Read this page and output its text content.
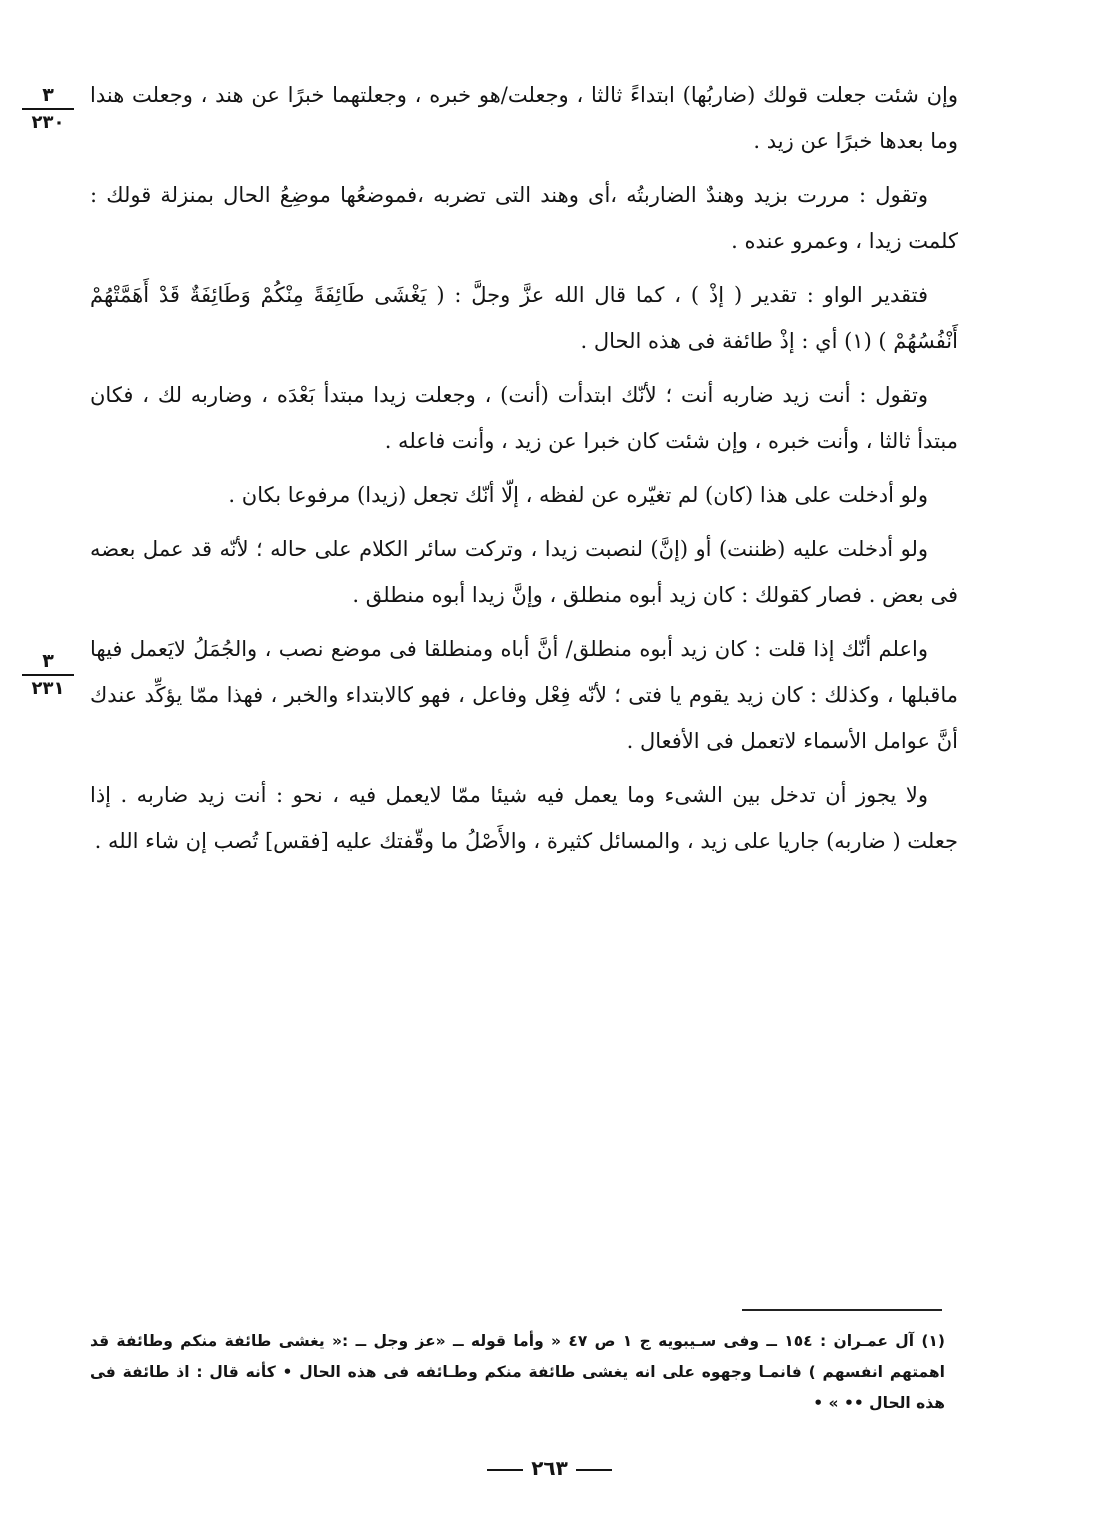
٣
٢٣٠
٣
٢٣١

وإن شئت جعلت قولك (ضاربُها) ابتداءً ثالثا ، وجعلت/هو خبره ، وجعلتهما خبرًا عن هند ، وجعلت هندا وما بعدها خبرًا عن زيد .

وتقول : مررت بزيد وهندٌ الضاربتُه ،أى وهند التى تضربه ،فموضعُها موضِعُ الحال بمنزلة قولك : كلمت زيدا ، وعمرو عنده .

فتقدير الواو : تقدير ( إذْ ) ، كما قال الله عزَّ وجلَّ : ( يَغْشَى طَائِفَةً مِنْكُمْ وَطَائِفَةٌ قَدْ أَهَمَّتْهُمْ أَنْفُسُهُمْ ) (١) أي : إذْ طائفة فى هذه الحال .

وتقول : أنت زيد ضاربه أنت ؛ لأنّك ابتدأت (أنت) ، وجعلت زيدا مبتدأ بَعْدَه ، وضاربه لك ، فكان مبتدأ ثالثا ، وأنت خبره ، وإن شئت كان خبرا عن زيد ، وأنت فاعله .

ولو أدخلت على هذا (كان) لم تغيّره عن لفظه ، إلّا أنّك تجعل (زيدا) مرفوعا بكان .

ولو أدخلت عليه (ظننت) أو (إنَّ) لنصبت زيدا ، وتركت سائر الكلام على حاله ؛ لأنّه قد عمل بعضه فى بعض . فصار كقولك : كان زيد أبوه منطلق ، وإنَّ زيدا أبوه منطلق .

واعلم أنّك إذا قلت : كان زيد أبوه منطلق/ أنَّ أباه ومنطلقا فى موضع نصب ، والجُمَلُ لايَعمل فيها ماقبلها ، وكذلك : كان زيد يقوم يا فتى ؛ لأنّه فِعْل وفاعل ، فهو كالابتداء والخبر ، فهذا ممّا يؤكِّد عندك أنَّ عوامل الأسماء لاتعمل فى الأفعال .

ولا يجوز أن تدخل بين الشىء وما يعمل فيه شيئا ممّا لايعمل فيه ، نحو : أنت زيد ضاربه . إذا جعلت ( ضاربه) جاريا على زيد ، والمسائل كثيرة ، والأَصْلُ ما وقّفتك عليه [فقس] تُصب إن شاء الله .

(١) آل عمـران : ١٥٤ ــ وفى سـيبويه ج ١ ص ٤٧ « وأما قوله ــ «عز وجل ــ :« يغشى طائفة منكم وطائفة قد اهمتهم انفسهم ) فانمـا وجهوه على انه يغشى طائفة منكم وطـائفه فى هذه الحال • كأنه قال : اذ طائفة فى هذه الحال •• » •
٢٦٣
